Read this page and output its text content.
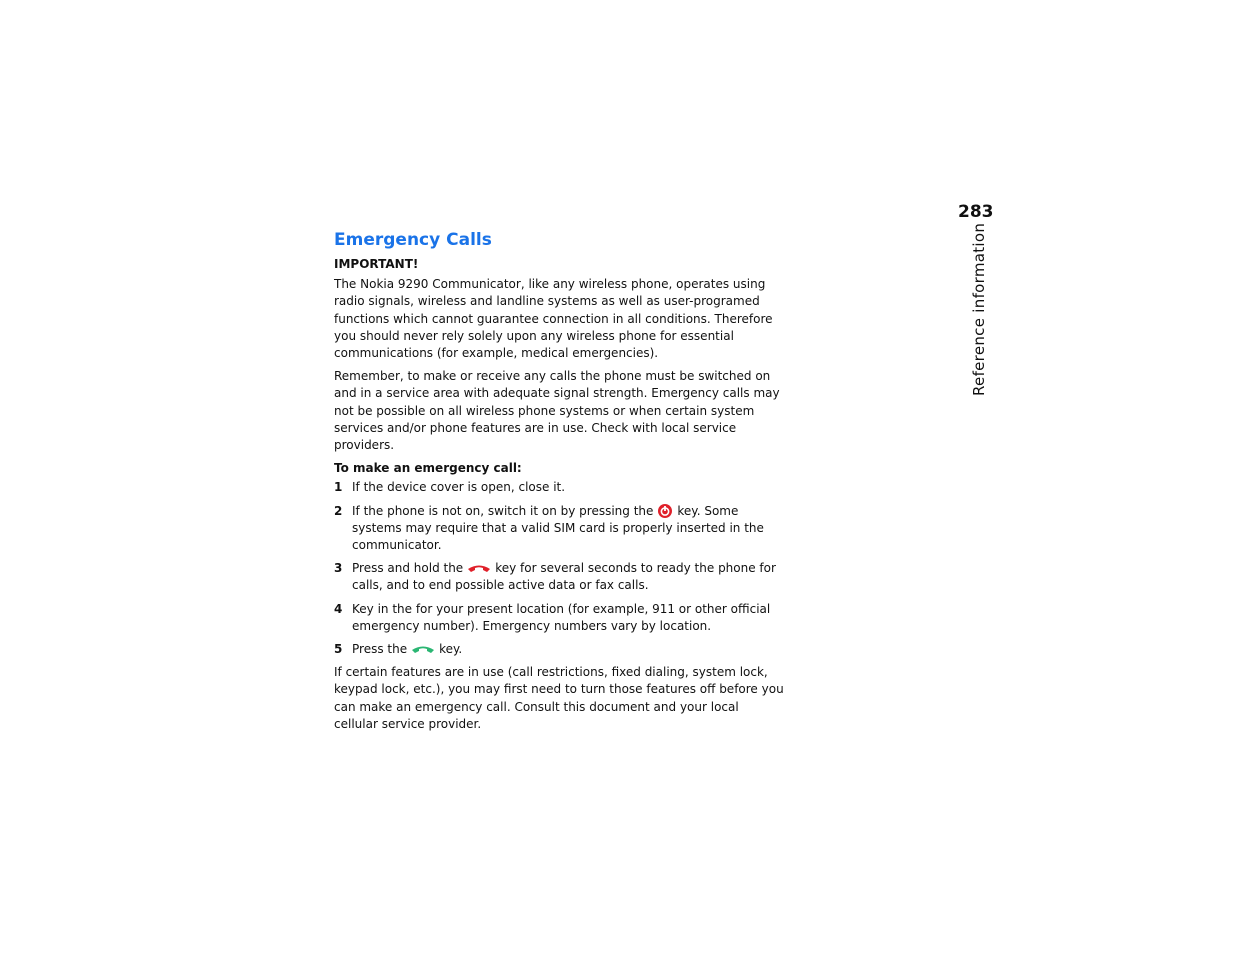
283
Reference information
Emergency Calls
IMPORTANT!

The Nokia 9290 Communicator, like any wireless phone, operates using radio signals, wireless and landline systems as well as user-programed functions which cannot guarantee connection in all conditions. Therefore you should never rely solely upon any wireless phone for essential communications (for example, medical emergencies).

Remember, to make or receive any calls the phone must be switched on and in a service area with adequate signal strength. Emergency calls may not be possible on all wireless phone systems or when certain system services and/or phone features are in use. Check with local service providers.

To make an emergency call:
1 If the device cover is open, close it.
2 If the phone is not on, switch it on by pressing the key. Some systems may require that a valid SIM card is properly inserted in the communicator.
3 Press and hold the	key for several seconds to ready the phone for calls, and to end possible active data or fax calls.
4 Key in the for your present location (for example, 911 or other official emergency number). Emergency numbers vary by location.
5 Press the	key.

If certain features are in use (call restrictions, fixed dialing, system lock, keypad lock, etc.), you may first need to turn those features off before you can make an emergency call. Consult this document and your local cellular service provider.
